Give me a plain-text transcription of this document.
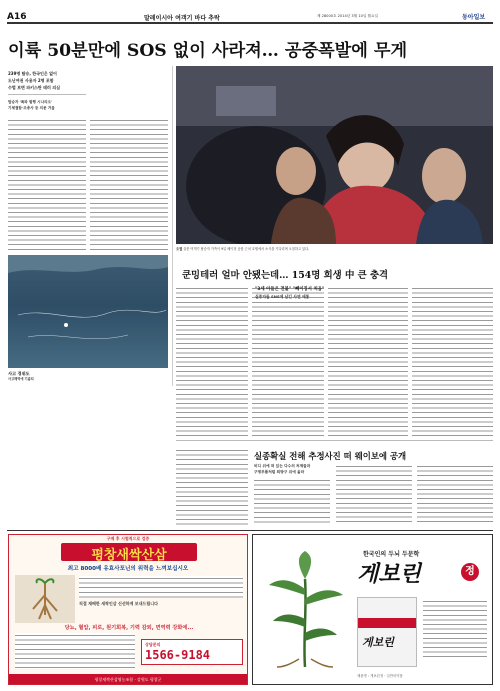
A16	말레이시아 여객기 바다 추락	제 28000호 2014년 3월 10일 월요일	동아일보
이륙 50분만에 SOS 없이 사라져… 공중폭발에 무게
239명 탑승, 한국인은 없어
도난여권 사용자 2명 포함
수법 보면 파키스탄 테러 의심
탑승자 '폭파 범행 시나리오'
기체결함·조종사 등 의문 거듭
사고 경위도
사고해역에 기름띠
오열 실종 여객기 탑승자 가족이 9일 베이징 공항 근처 호텔에서 소식을 기다리며 오열하고 있다.
쿤밍테러 얼마 안됐는데… 154명 희생 中 큰 충격
"3세 아들은 전불" "빼이징서 처음"
실종자들 SNS에 남긴 사연 애통
실종확실 전해 추정사진 떠 웨이보에 공개
비디 위에 떠 있는 다수의 처제들과
구명부품처럼 퇴방구 위에 올라
구매 후 시험적으로 검증
평창새싹산삼
최고 8000배 유효사포닌의 위력을 느껴보십시오
당뇨, 혈압, 피로, 원기회복, 기력 감퇴, 면역력 강화에...
직접 재배한 새싹인삼 신선하게 보내드립니다
상담문의
1566-9184
평창새싹산삼영농조합 · 강원도 평창군
한국인의 두뇌 두문학
게보린	정
게보린
제품명 : 게보린정 · 일반의약품
